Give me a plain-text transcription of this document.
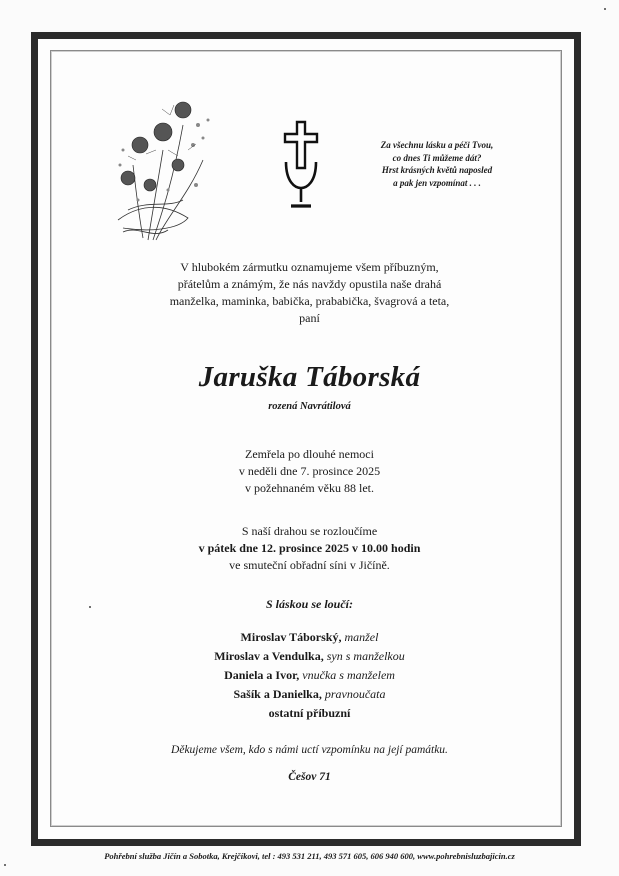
Za všechnu lásku a péči Tvou,
co dnes Ti můžeme dát?
Hrst krásných květů naposled
a pak jen vzpomínat . . .
V hlubokém zármutku oznamujeme všem příbuzným,
přátelům a známým, že nás navždy opustila naše drahá
manželka, maminka, babička, prababička, švagrová a teta,
paní
Jaruška Táborská
rozená Navrátilová
Zemřela po dlouhé nemoci
v neděli dne 7. prosince 2025
v požehnaném věku 88 let.
S naší drahou se rozloučíme
v pátek dne 12. prosince 2025 v 10.00 hodin
ve smuteční obřadní síni v Jičíně.
S láskou se loučí:
Miroslav Táborský, manžel
Miroslav a Vendulka, syn s manželkou
Daniela a Ivor, vnučka s manželem
Sašík a Danielka, pravnoučata
ostatní příbuzní
Děkujeme všem, kdo s námi uctí vzpomínku na její památku.
Češov 71
Pohřební služba Jičín a Sobotka, Krejčíkovi, tel : 493 531 211, 493 571 605, 606 940 600, www.pohrebnisluzbajicin.cz
